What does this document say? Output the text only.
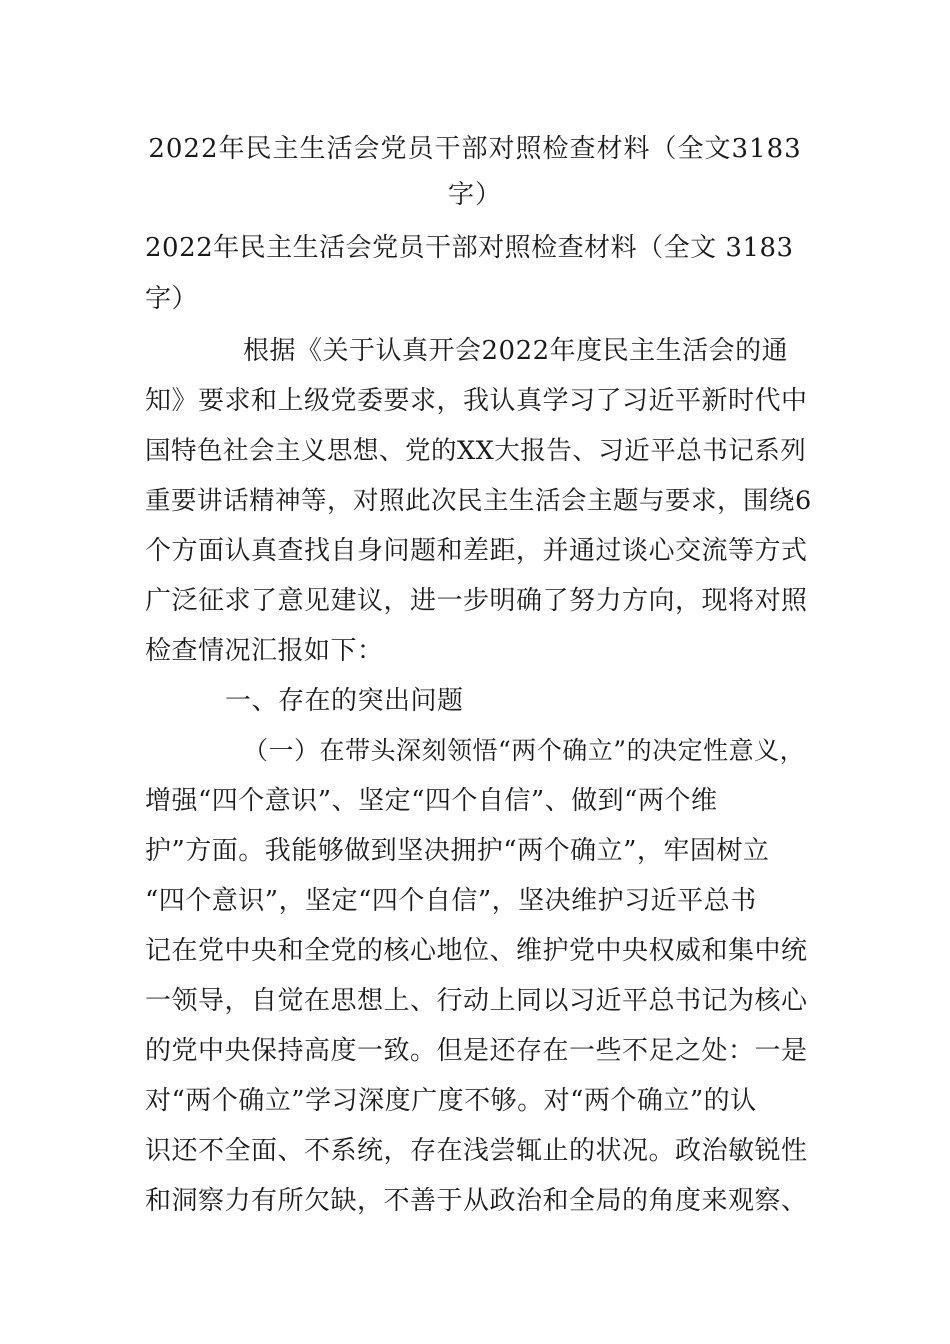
2022年民主生活会党员干部对照检查材料（全文3183
字）
2022年民主生活会党员干部对照检查材料（全文 3183
字）
根据《关于认真开会2022年度民主生活会的通
知》要求和上级党委要求，我认真学习了习近平新时代中
国特色社会主义思想、党的XX大报告、习近平总书记系列
重要讲话精神等，对照此次民主生活会主题与要求，围绕6
个方面认真查找自身问题和差距，并通过谈心交流等方式
广泛征求了意见建议，进一步明确了努力方向，现将对照
检查情况汇报如下：
一、存在的突出问题
（一）在带头深刻领悟“两个确立”的决定性意义，
增强“四个意识”、坚定“四个自信”、做到“两个维
护”方面。我能够做到坚决拥护“两个确立”，牢固树立
“四个意识”，坚定“四个自信”，坚决维护习近平总书
记在党中央和全党的核心地位、维护党中央权威和集中统
一领导，自觉在思想上、行动上同以习近平总书记为核心
的党中央保持高度一致。但是还存在一些不足之处：一是
对“两个确立”学习深度广度不够。对“两个确立”的认
识还不全面、不系统，存在浅尝辄止的状况。政治敏锐性
和洞察力有所欠缺，不善于从政治和全局的角度来观察、
